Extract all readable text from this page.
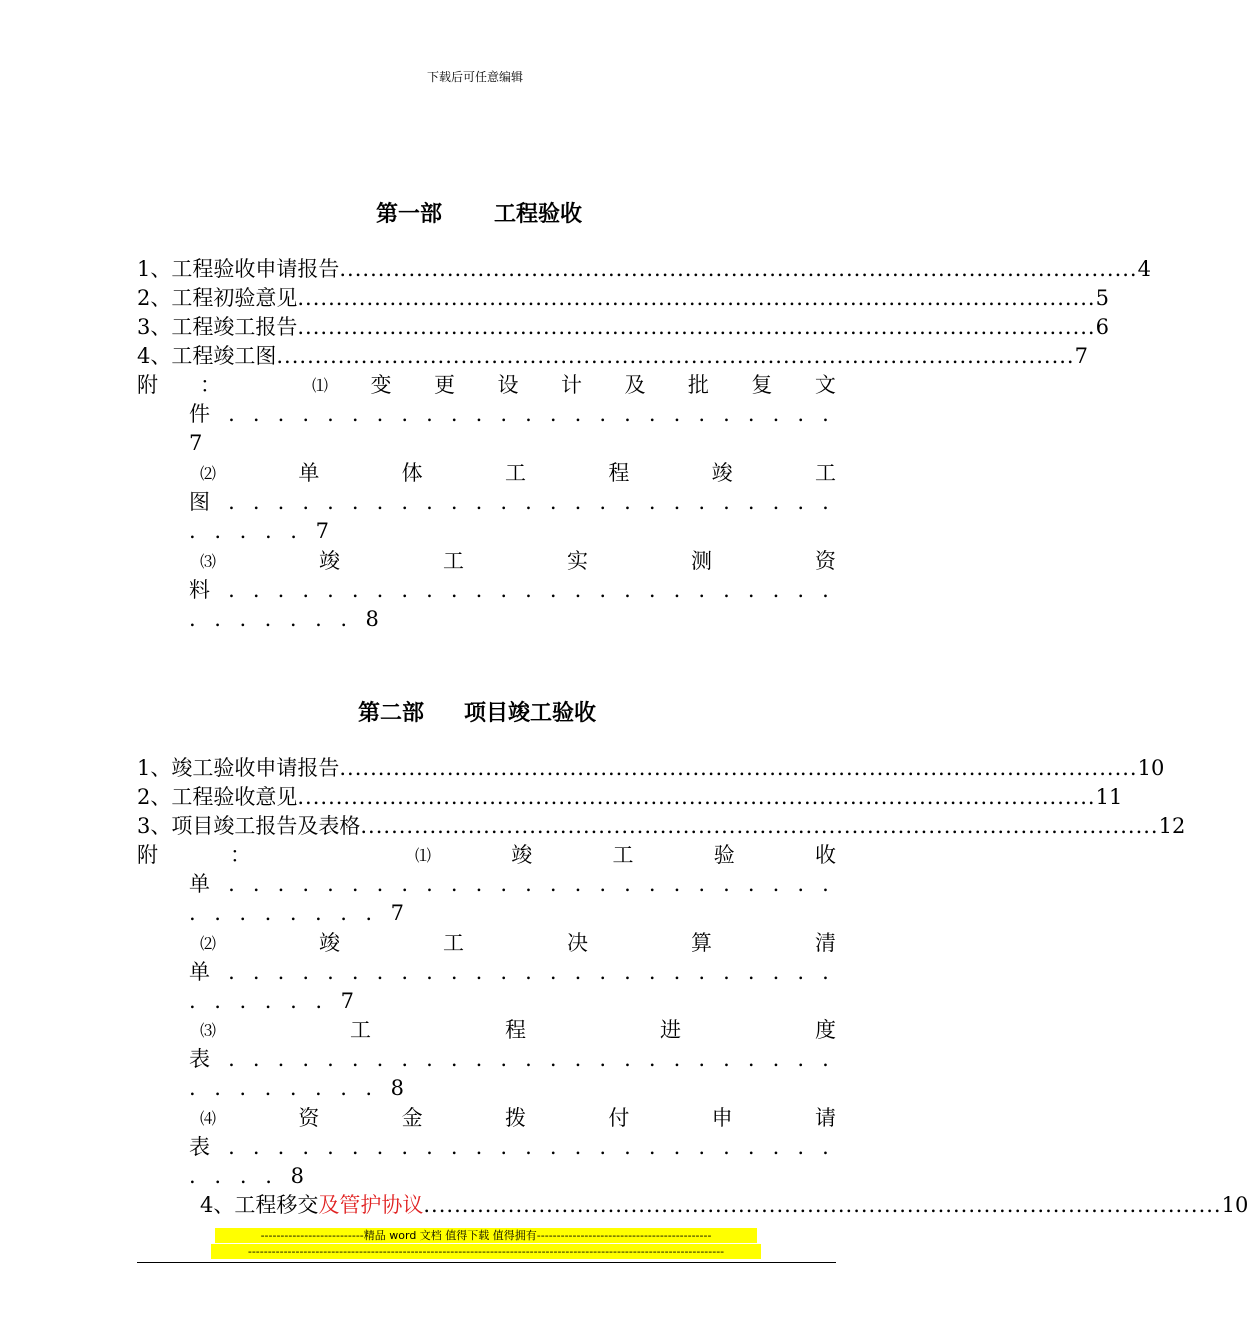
下载后可任意编辑
第一部 工程验收
1、工程验收申请报告 ........................................................................................................ 4
2、工程初验意见 ........................................................................................................ 5
3、工程竣工报告 ........................................................................................................ 6
4、工程竣工图 ........................................................................................................ 7
附 ：	⑴ 变 更 设 计 及 批 复 文
件 . . . . . . . . . . . . . . . . . . . . . . . . .
7
⑵	单	体	工	程	竣	工
图 . . . . . . . . . . . . . . . . . . . . . . . . .
. . . . . 7
⑶	竣	工	实	测	资
料 . . . . . . . . . . . . . . . . . . . . . . . . .
. . . . . . . 8
第二部 项目竣工验收
1、竣工验收申请报告 ........................................................................................................ 10
2、工程验收意见 ........................................................................................................ 11
3、项目竣工报告及表格 ........................................................................................................ 12
附	：	⑴	竣	工	验	收
单 . . . . . . . . . . . . . . . . . . . . . . . . .
. . . . . . . . 7
⑵	竣	工	决	算	清
单 . . . . . . . . . . . . . . . . . . . . . . . . .
. . . . . . 7
⑶	工	程	进	度
表 . . . . . . . . . . . . . . . . . . . . . . . . .
. . . . . . . . 8
⑷	资	金	拨	付	申	请
表 . . . . . . . . . . . . . . . . . . . . . . . . .
. . . . 8
4、工程移交 及管护协议 ........................................................................................................ 10
--------------------------精品 word 文档 值得下载 值得拥有--------------------------------------------
------------------------------------------------------------------------------------------------------------------------
